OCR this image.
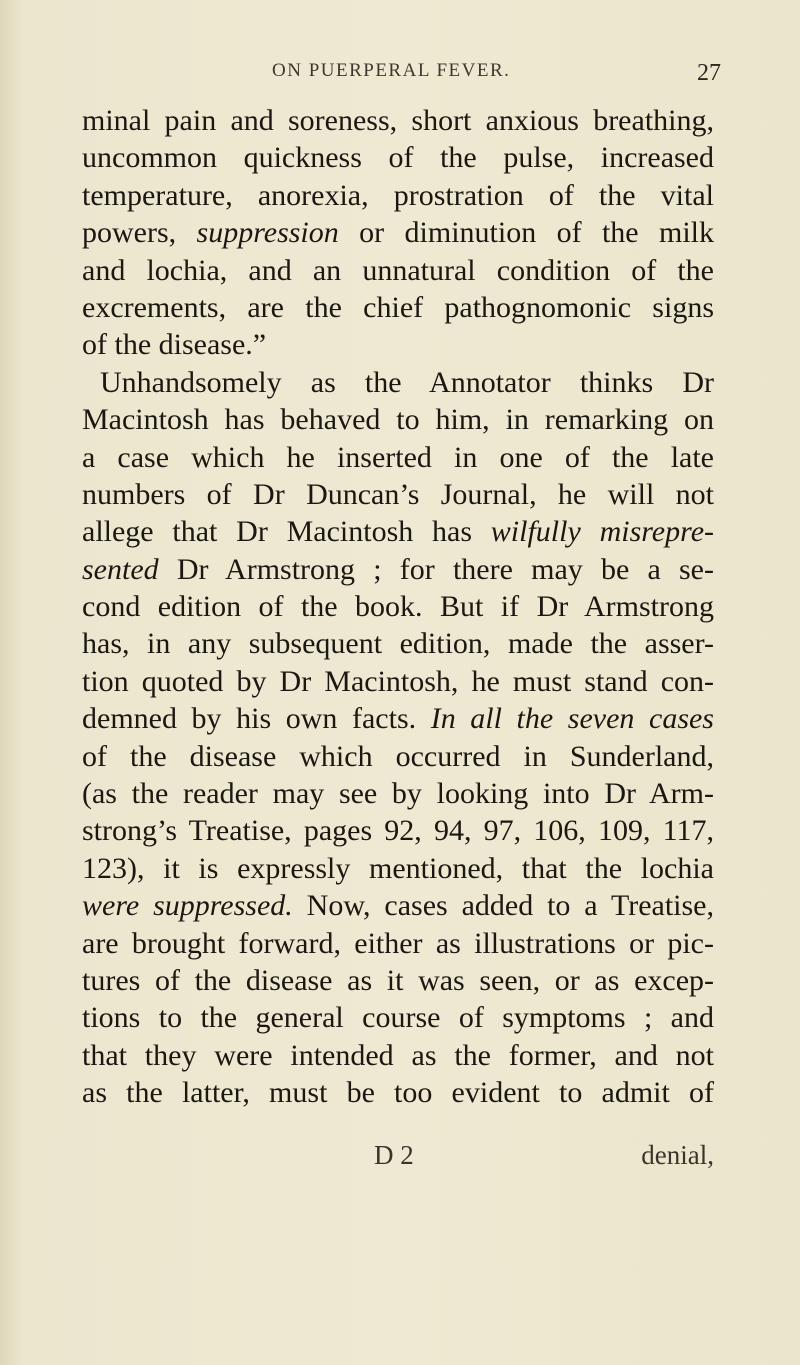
ON PUERPERAL FEVER.	27
minal pain and soreness, short anxious breathing,
uncommon quickness of the pulse, increased
temperature, anorexia, prostration of the vital
powers, suppression or diminution of the milk
and lochia, and an unnatural condition of the
excrements, are the chief pathognomonic signs
of the disease.”
Unhandsomely as the Annotator thinks Dr
Macintosh has behaved to him, in remarking on
a case which he inserted in one of the late
numbers of Dr Duncan’s Journal, he will not
allege that Dr Macintosh has wilfully misrepre-
sented Dr Armstrong ; for there may be a se-
cond edition of the book. But if Dr Armstrong
has, in any subsequent edition, made the asser-
tion quoted by Dr Macintosh, he must stand con-
demned by his own facts. In all the seven cases
of the disease which occurred in Sunderland,
(as the reader may see by looking into Dr Arm-
strong’s Treatise, pages 92, 94, 97, 106, 109, 117,
123), it is expressly mentioned, that the lochia
were suppressed. Now, cases added to a Treatise,
are brought forward, either as illustrations or pic-
tures of the disease as it was seen, or as excep-
tions to the general course of symptoms ; and
that they were intended as the former, and not
as the latter, must be too evident to admit of
D 2	denial,
